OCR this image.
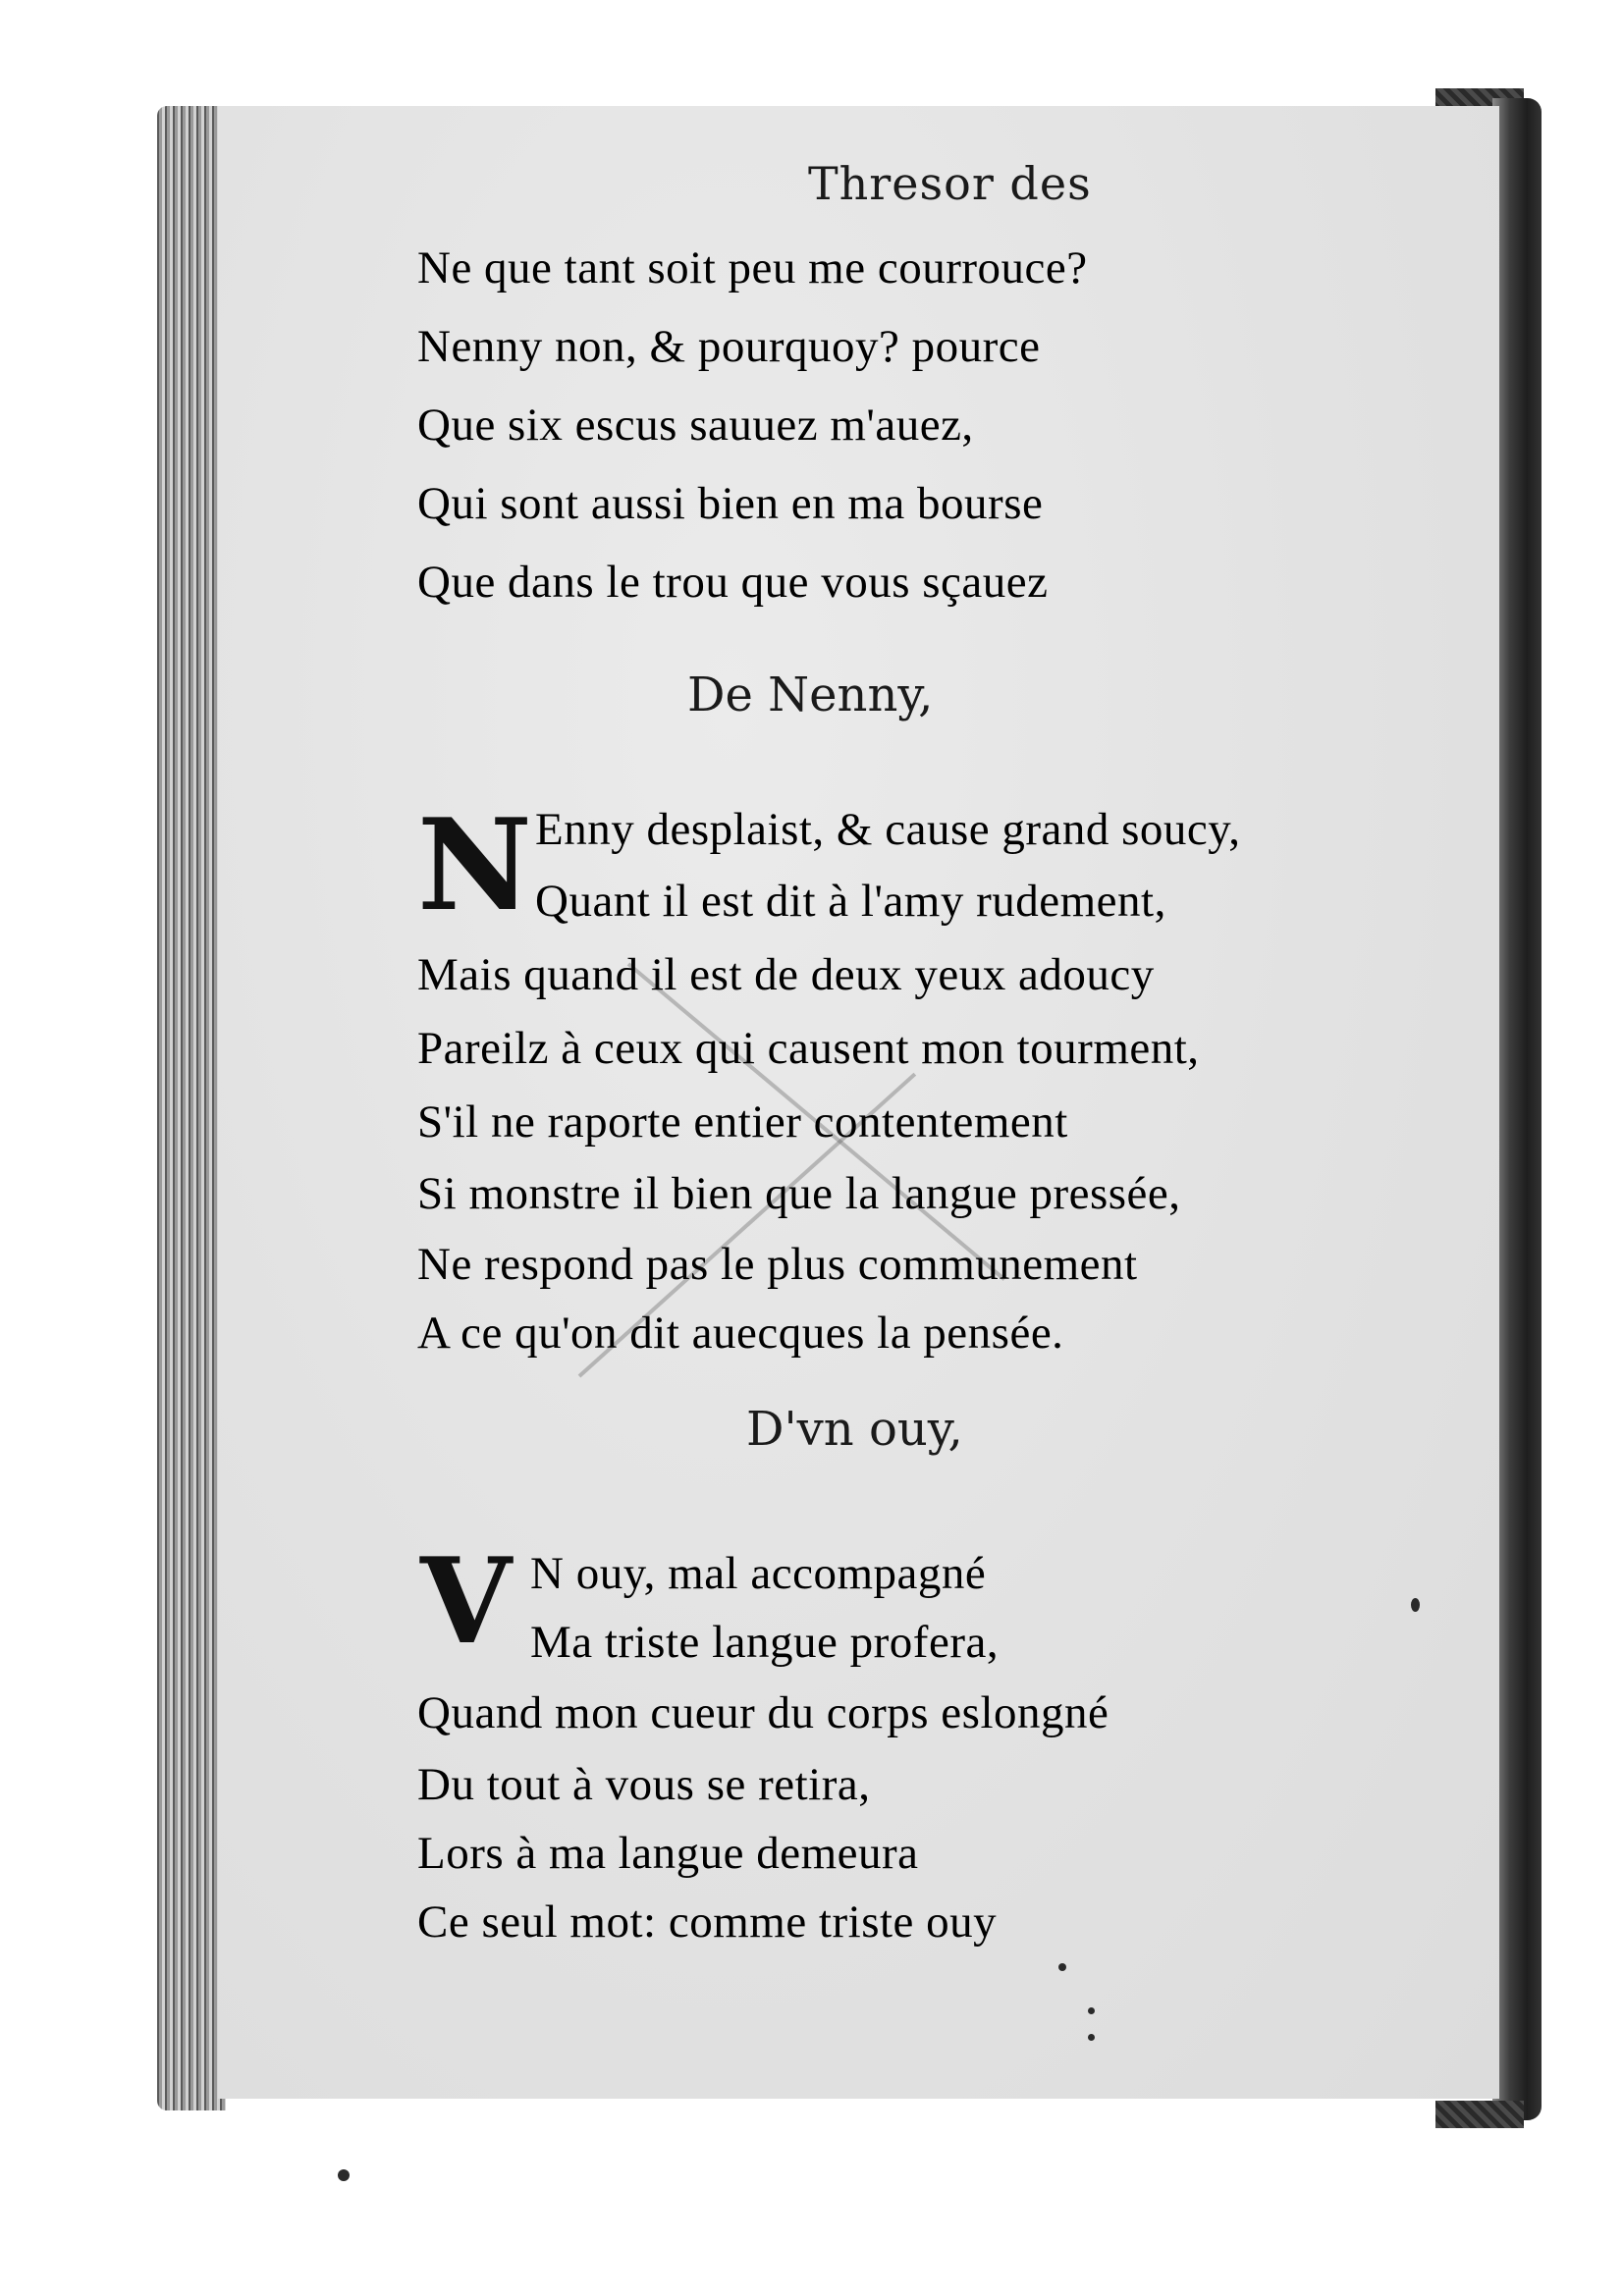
Thresor des
Ne que tant soit peu me courrouce?
Nenny non, & pourquoy? pource
Que six escus sauuez m'auez,
Qui sont aussi bien en ma bourse
Que dans le trou que vous sçauez
De Nenny,
N Enny desplaist, & cause grand soucy,
Quant il est dit à l'amy rudement,
Mais quand il est de deux yeux adoucy
Pareilz à ceux qui causent mon tourment,
S'il ne raporte entier contentement
Si monstre il bien que la langue pressée,
Ne respond pas le plus communement
A ce qu'on dit auecques la pensée.
D'vn ouy,
V N ouy, mal accompagné
Ma triste langue profera,
Quand mon cueur du corps eslongné
Du tout à vous se retira,
Lors à ma langue demeura
Ce seul mot: comme triste ouy
